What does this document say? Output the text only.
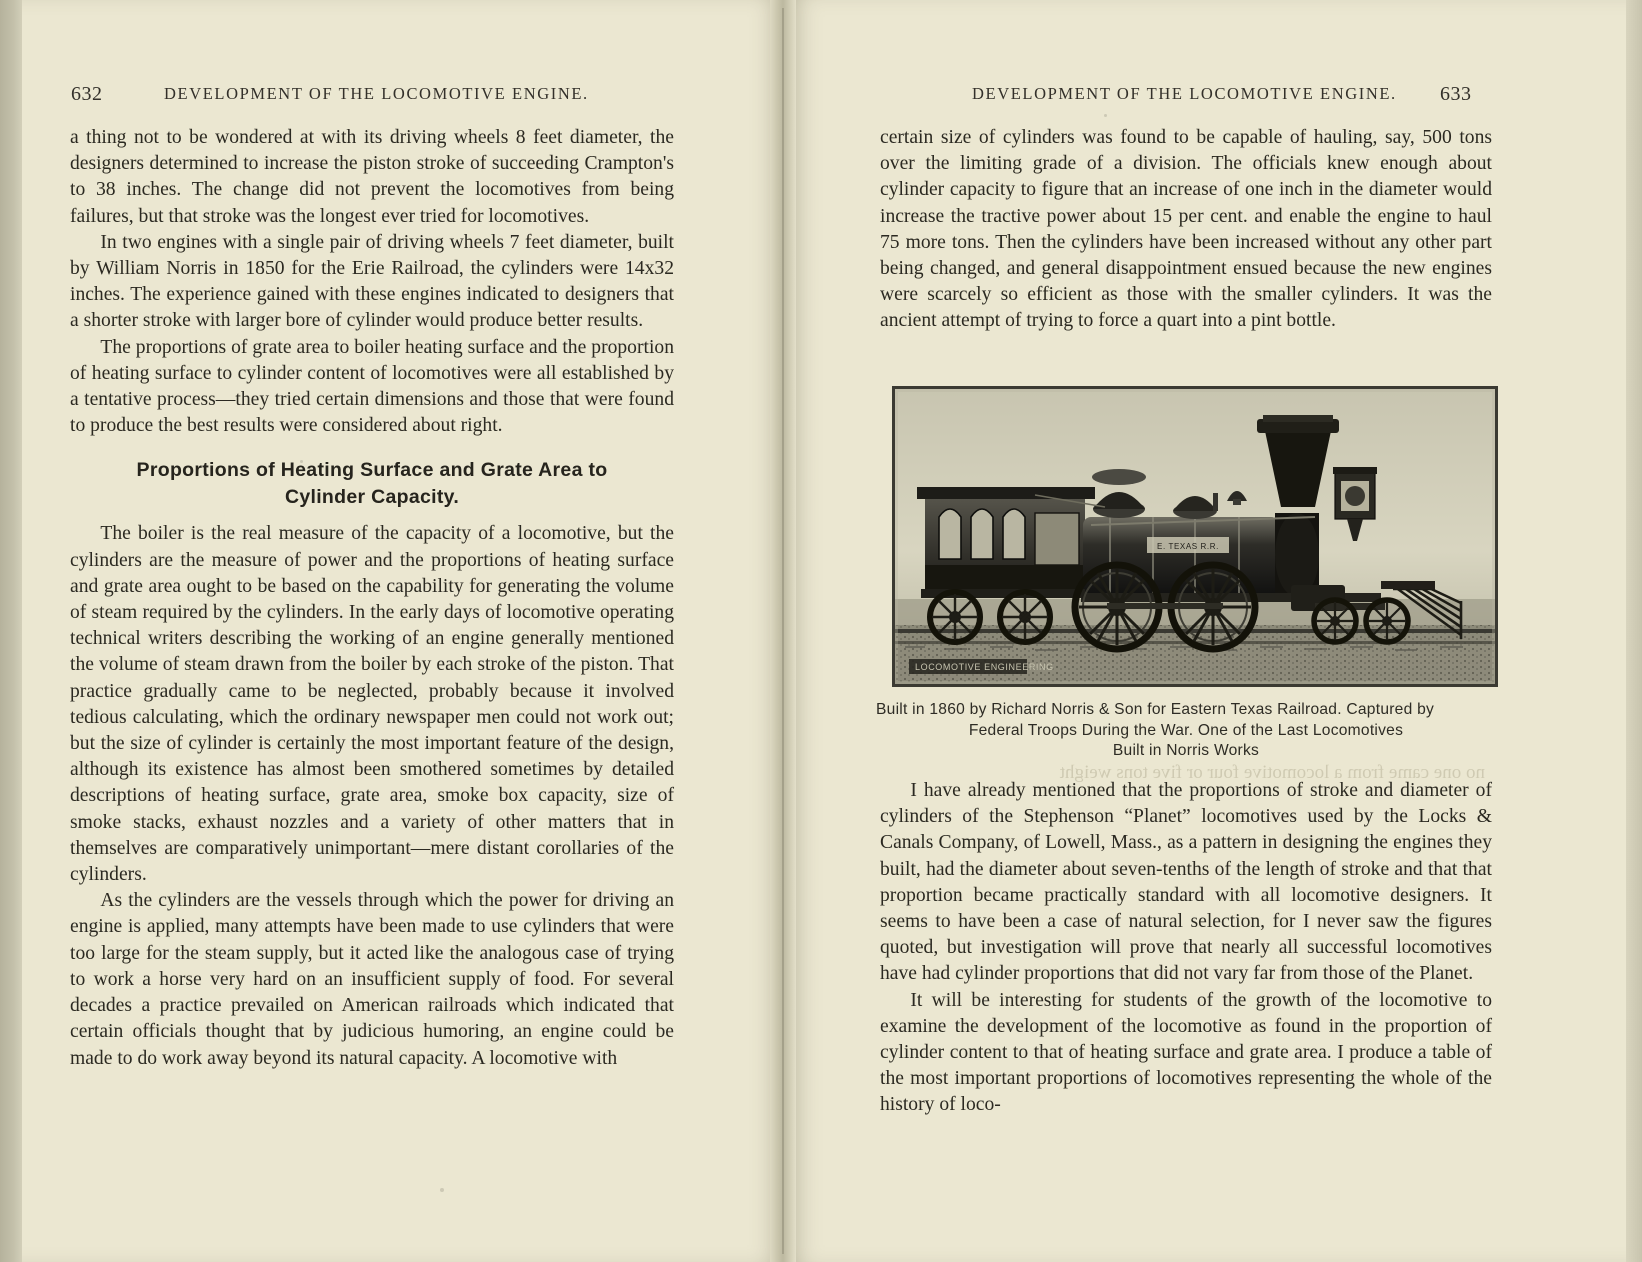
632	DEVELOPMENT OF THE LOCOMOTIVE ENGINE.

a thing not to be wondered at with its driving wheels 8 feet diameter, the designers determined to increase the piston stroke of succeeding Crampton's to 38 inches. The change did not prevent the locomotives from being failures, but that stroke was the longest ever tried for locomotives.

In two engines with a single pair of driving wheels 7 feet diameter, built by William Norris in 1850 for the Erie Railroad, the cylinders were 14x32 inches. The experience gained with these engines indicated to designers that a shorter stroke with larger bore of cylinder would produce better results.

The proportions of grate area to boiler heating surface and the proportion of heating surface to cylinder content of locomotives were all established by a tentative process—they tried certain dimensions and those that were found to produce the best results were considered about right.

Proportions of Heating Surface and Grate Area to
Cylinder Capacity.

The boiler is the real measure of the capacity of a locomotive, but the cylinders are the measure of power and the proportions of heating surface and grate area ought to be based on the capability for generating the volume of steam required by the cylinders. In the early days of locomotive operating technical writers describing the working of an engine generally mentioned the volume of steam drawn from the boiler by each stroke of the piston. That practice gradually came to be neglected, probably because it involved tedious calculating, which the ordinary newspaper men could not work out; but the size of cylinder is certainly the most important feature of the design, although its existence has almost been smothered sometimes by detailed descriptions of heating surface, grate area, smoke box capacity, size of smoke stacks, exhaust nozzles and a variety of other matters that in themselves are comparatively unimportant—mere distant corollaries of the cylinders.

As the cylinders are the vessels through which the power for driving an engine is applied, many attempts have been made to use cylinders that were too large for the steam supply, but it acted like the analogous case of trying to work a horse very hard on an insufficient supply of food. For several decades a practice prevailed on American railroads which indicated that certain officials thought that by judicious humoring, an engine could be made to do work away beyond its natural capacity. A locomotive with

DEVELOPMENT OF THE LOCOMOTIVE ENGINE. 633

certain size of cylinders was found to be capable of hauling, say, 500 tons over the limiting grade of a division. The officials knew enough about cylinder capacity to figure that an increase of one inch in the diameter would increase the tractive power about 15 per cent. and enable the engine to haul 75 more tons. Then the cylinders have been increased without any other part being changed, and general disappointment ensued because the new engines were scarcely so efficient as those with the smaller cylinders. It was the ancient attempt of trying to force a quart into a pint bottle.

E. TEXAS R.R.
LOCOMOTIVE ENGINEERING
Built in 1860 by Richard Norris & Son for Eastern Texas Railroad. Captured by
Federal Troops During the War. One of the Last Locomotives
Built in Norris Works
no one came from a locomotive four or five tons weight

I have already mentioned that the proportions of stroke and diameter of cylinders of the Stephenson “Planet” locomotives used by the Locks & Canals Company, of Lowell, Mass., as a pattern in designing the engines they built, had the diameter about seven-tenths of the length of stroke and that that proportion became practically standard with all locomotive designers. It seems to have been a case of natural selection, for I never saw the figures quoted, but investigation will prove that nearly all successful locomotives have had cylinder proportions that did not vary far from those of the Planet.

It will be interesting for students of the growth of the locomotive to examine the development of the locomotive as found in the proportion of cylinder content to that of heating surface and grate area. I produce a table of the most important proportions of locomotives representing the whole of the history of loco-
